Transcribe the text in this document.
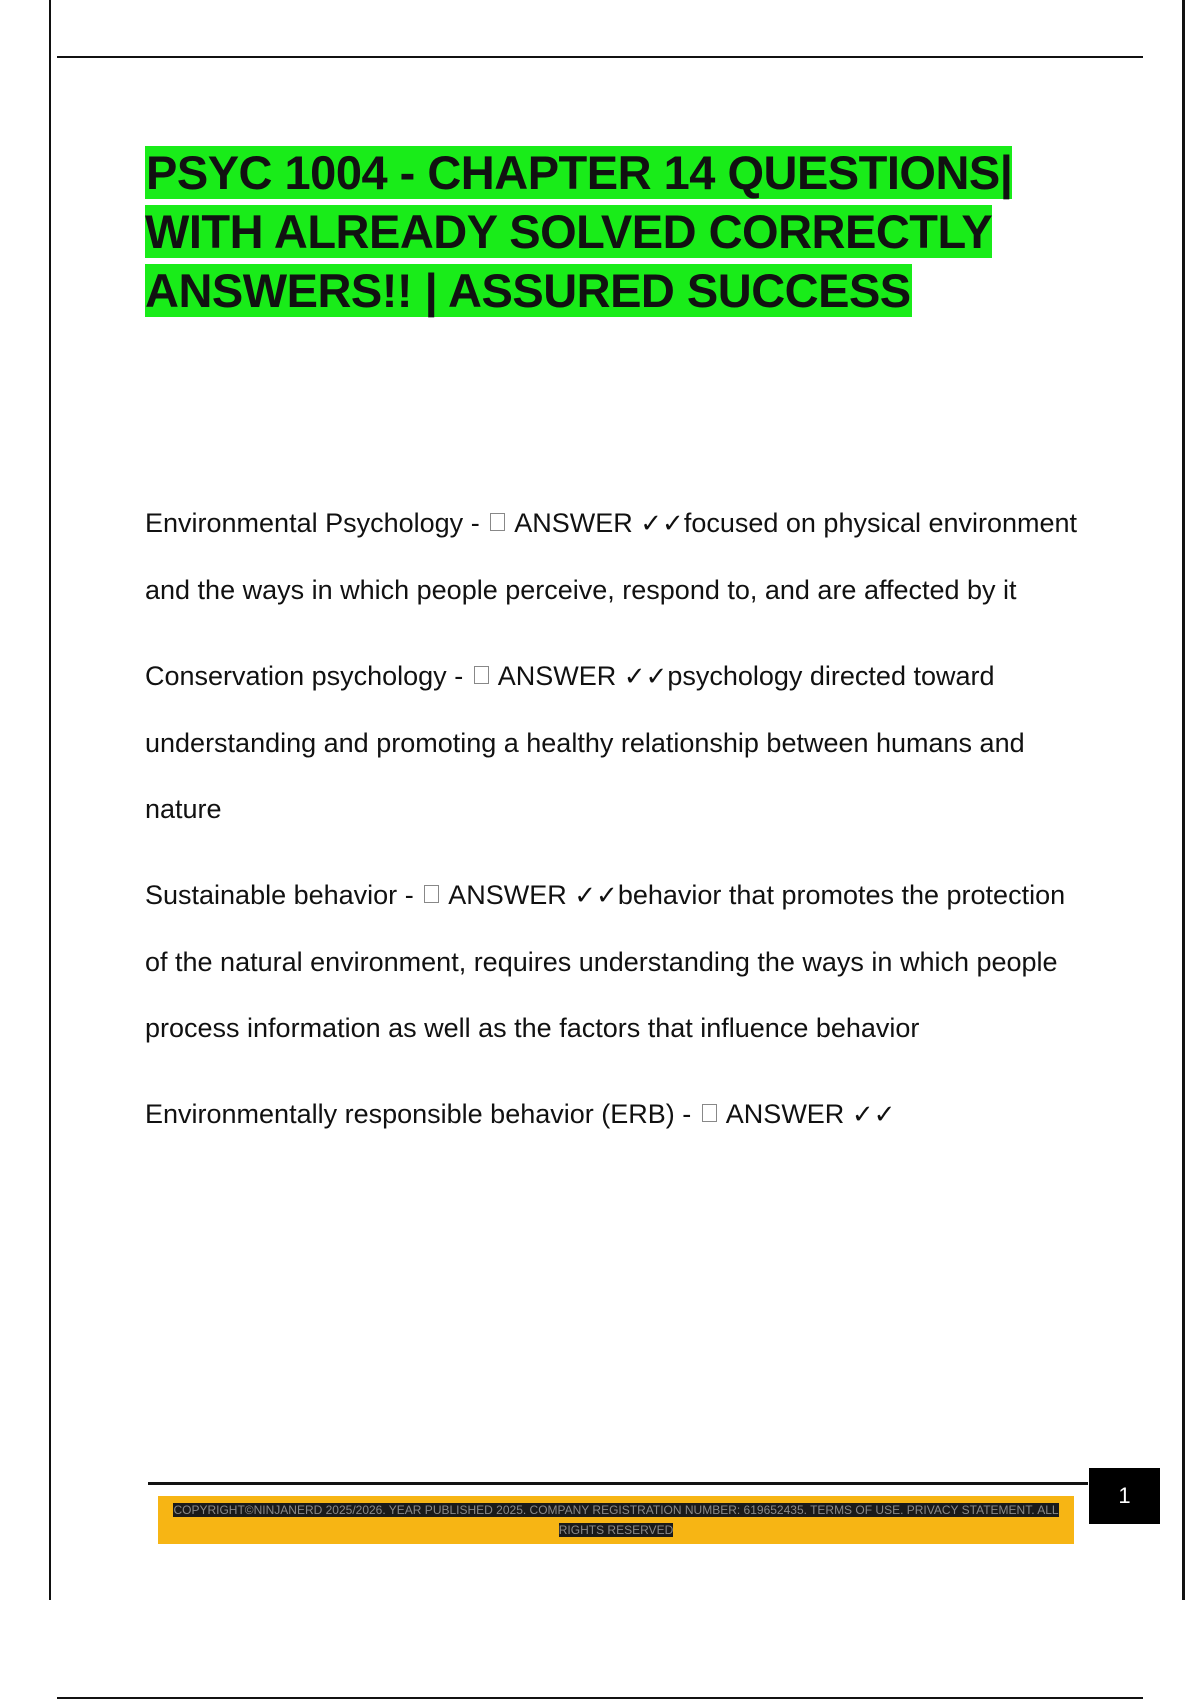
PSYC 1004 - CHAPTER 14 QUESTIONS| WITH ALREADY SOLVED CORRECTLY ANSWERS!! | ASSURED SUCCESS
Environmental Psychology - ANSWER ✓✓focused on physical environment and the ways in which people perceive, respond to, and are affected by it
Conservation psychology - ANSWER ✓✓psychology directed toward understanding and promoting a healthy relationship between humans and nature
Sustainable behavior - ANSWER ✓✓behavior that promotes the protection of the natural environment, requires understanding the ways in which people process information as well as the factors that influence behavior
Environmentally responsible behavior (ERB) - ANSWER ✓✓
1
COPYRIGHT©NINJANERD 2025/2026. YEAR PUBLISHED 2025. COMPANY REGISTRATION NUMBER: 619652435. TERMS OF USE. PRIVACY STATEMENT. ALL RIGHTS RESERVED
